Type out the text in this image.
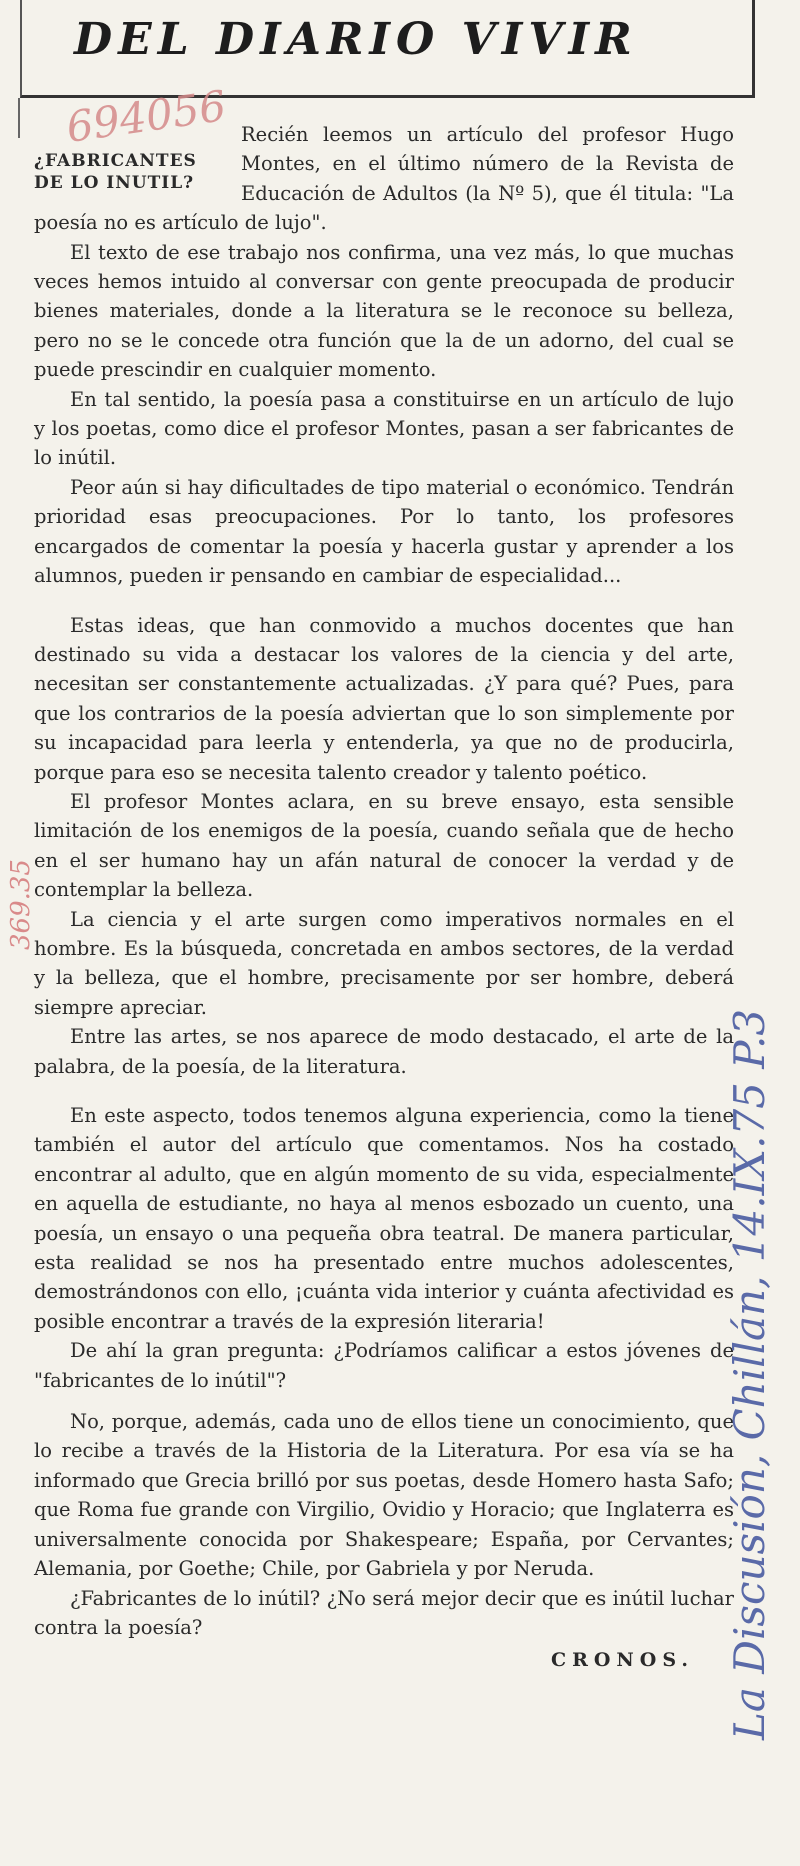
DEL DIARIO VIVIR
694056
¿FABRICANTES DE LO INUTIL?

Recién leemos un artículo del profesor Hugo Montes, en el último número de la Revista de Educación de Adultos (la Nº 5), que él titula: "La poesía no es artículo de lujo".

El texto de ese trabajo nos confirma, una vez más, lo que muchas veces hemos intuido al conversar con gente preocupada de producir bienes materiales, donde a la literatura se le reconoce su belleza, pero no se le concede otra función que la de un adorno, del cual se puede prescindir en cualquier momento.

En tal sentido, la poesía pasa a constituirse en un artículo de lujo y los poetas, como dice el profesor Montes, pasan a ser fabricantes de lo inútil.

Peor aún si hay dificultades de tipo material o económico. Tendrán prioridad esas preocupaciones. Por lo tanto, los profesores encargados de comentar la poesía y hacerla gustar y aprender a los alumnos, pueden ir pensando en cambiar de especialidad...

Estas ideas, que han conmovido a muchos docentes que han destinado su vida a destacar los valores de la ciencia y del arte, necesitan ser constantemente actualizadas. ¿Y para qué? Pues, para que los contrarios de la poesía adviertan que lo son simplemente por su incapacidad para leerla y entenderla, ya que no de producirla, porque para eso se necesita talento creador y talento poético.

El profesor Montes aclara, en su breve ensayo, esta sensible limitación de los enemigos de la poesía, cuando señala que de hecho en el ser humano hay un afán natural de conocer la verdad y de contemplar la belleza.

La ciencia y el arte surgen como imperativos normales en el hombre. Es la búsqueda, concretada en ambos sectores, de la verdad y la belleza, que el hombre, precisamente por ser hombre, deberá siempre apreciar.

Entre las artes, se nos aparece de modo destacado, el arte de la palabra, de la poesía, de la literatura.

En este aspecto, todos tenemos alguna experiencia, como la tiene también el autor del artículo que comentamos. Nos ha costado encontrar al adulto, que en algún momento de su vida, especialmente en aquella de estudiante, no haya al menos esbozado un cuento, una poesía, un ensayo o una pequeña obra teatral. De manera particular, esta realidad se nos ha presentado entre muchos adolescentes, demostrándonos con ello, ¡cuánta vida interior y cuánta afectividad es posible encontrar a través de la expresión literaria!

De ahí la gran pregunta: ¿Podríamos calificar a estos jóvenes de "fabricantes de lo inútil"?

No, porque, además, cada uno de ellos tiene un conocimiento, que lo recibe a través de la Historia de la Literatura. Por esa vía se ha informado que Grecia brilló por sus poetas, desde Homero hasta Safo; que Roma fue grande con Virgilio, Ovidio y Horacio; que Inglaterra es universalmente conocida por Shakespeare; España, por Cervantes; Alemania, por Goethe; Chile, por Gabriela y por Neruda.

¿Fabricantes de lo inútil? ¿No será mejor decir que es inútil luchar contra la poesía?

CRONOS.
369.35
La Discusión, Chillán, 14.IX.75 P.3
